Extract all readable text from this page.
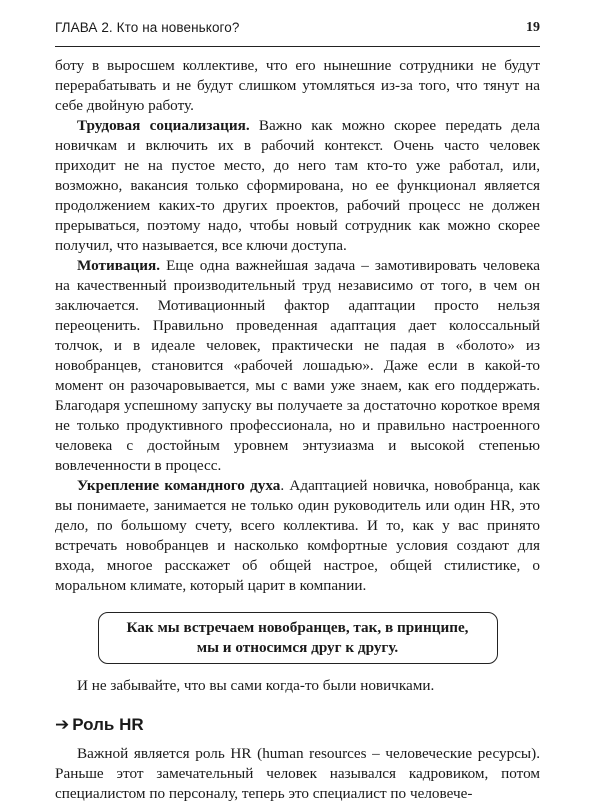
ГЛАВА 2. Кто на новенького?	19

боту в выросшем коллективе, что его нынешние сотрудники не будут перерабатывать и не будут слишком утомляться из-за того, что тянут на себе двойную работу.

Трудовая социализация. Важно как можно скорее передать дела новичкам и включить их в рабочий контекст. Очень часто человек приходит не на пустое место, до него там кто-то уже работал, или, возможно, вакансия только сформирована, но ее функционал является продолжением каких-то других проектов, рабочий процесс не должен прерываться, поэтому надо, чтобы новый сотрудник как можно скорее получил, что называется, все ключи доступа.

Мотивация. Еще одна важнейшая задача – замотивировать человека на качественный производительный труд независимо от того, в чем он заключается. Мотивационный фактор адаптации просто нельзя переоценить. Правильно проведенная адаптация дает колоссальный толчок, и в идеале человек, практически не падая в «болото» из новобранцев, становится «рабочей лошадью». Даже если в какой-то момент он разочаровывается, мы с вами уже знаем, как его поддержать. Благодаря успешному запуску вы получаете за достаточно короткое время не только продуктивного профессионала, но и правильно настроенного человека с достойным уровнем энтузиазма и высокой степенью вовлеченности в процесс.

Укрепление командного духа. Адаптацией новичка, новобранца, как вы понимаете, занимается не только один руководитель или один HR, это дело, по большому счету, всего коллектива. И то, как у вас принято встречать новобранцев и насколько комфортные условия создают для входа, многое расскажет об общей настрое, общей стилистике, о моральном климате, который царит в компании.

Как мы встречаем новобранцев, так, в принципе,
мы и относимся друг к другу.

И не забывайте, что вы сами когда-то были новичками.

➔ Роль HR

Важной является роль HR (human resources – человеческие ресурсы). Раньше этот замечательный человек назывался кадровиком, потом специалистом по персоналу, теперь это специалист по человече-
